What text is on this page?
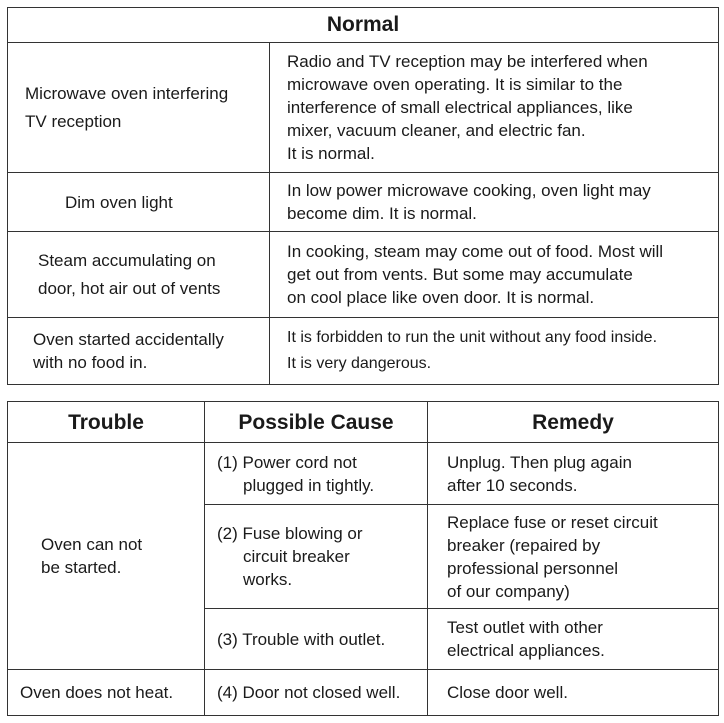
Normal	

Microwave oven interfering
TV reception	Radio and TV reception may be interfered when
microwave oven operating. It is similar to the
interference of small electrical appliances, like
mixer, vacuum cleaner, and electric fan.
It is normal.

Dim oven light	In low power microwave cooking, oven light may
become dim. It is normal.

Steam accumulating on
door, hot air out of vents	In cooking, steam may come out of food. Most will
get out from vents. But some may accumulate
on cool place like oven door. It is normal.

Oven started accidentally
with no food in.	It is forbidden to run the unit without any food inside.
It is very dangerous.
Trouble	Possible Cause	Remedy

Oven can not
be started.	(1) Power cord not
plugged in tightly.	Unplug. Then plug again
after 10 seconds.

	(2) Fuse blowing or
circuit breaker
works.	Replace fuse or reset circuit
breaker (repaired by
professional personnel
of our company)

	(3) Trouble with outlet.	Test outlet with other
electrical appliances.

Oven does not heat.	(4) Door not closed well.	Close door well.
